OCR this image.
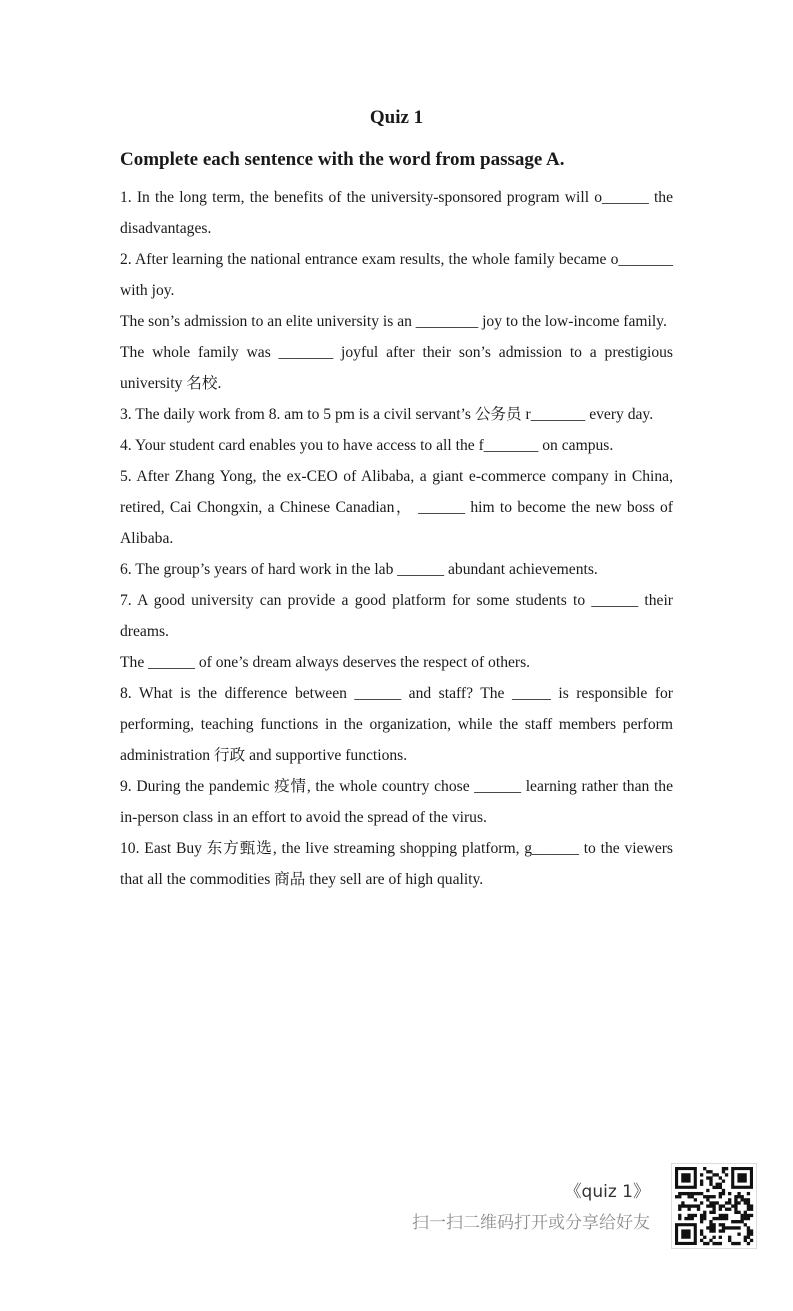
Quiz 1
Complete each sentence with the word from passage A.

1. In the long term, the benefits of the university-sponsored program will o______ the disadvantages.

2. After learning the national entrance exam results, the whole family became o_______ with joy.

The son’s admission to an elite university is an ________ joy to the low-income family.

The whole family was _______ joyful after their son’s admission to a prestigious university 名校.

3. The daily work from 8. am to 5 pm is a civil servant’s 公务员 r_______ every day.

4. Your student card enables you to have access to all the f_______ on campus.

5. After Zhang Yong, the ex-CEO of Alibaba, a giant e-commerce company in China, retired, Cai Chongxin, a Chinese Canadian， ______ him to become the new boss of Alibaba.

6. The group’s years of hard work in the lab ______ abundant achievements.

7. A good university can provide a good platform for some students to ______ their dreams.

The ______ of one’s dream always deserves the respect of others.

8. What is the difference between ______ and staff? The _____ is responsible for performing, teaching functions in the organization, while the staff members perform administration 行政 and supportive functions.

9. During the pandemic 疫情, the whole country chose ______ learning rather than the in-person class in an effort to avoid the spread of the virus.

10. East Buy 东方甄选, the live streaming shopping platform, g______ to the viewers that all the commodities 商品 they sell are of high quality.

《quiz 1》
扫一扫二维码打开或分享给好友
